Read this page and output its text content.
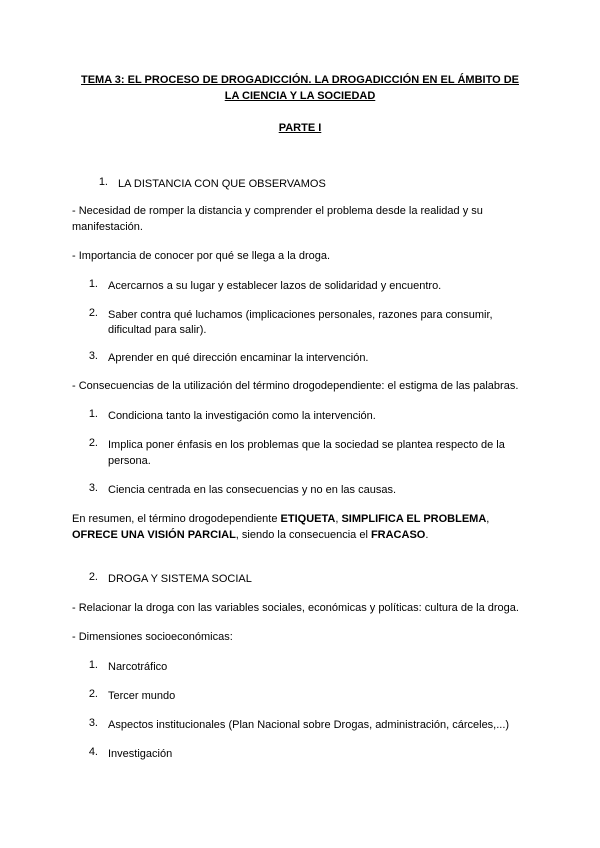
TEMA 3: EL PROCESO DE DROGADICCIÓN. LA DROGADICCIÓN EN EL ÁMBITO DE
LA CIENCIA Y LA SOCIEDAD
PARTE I
1. LA DISTANCIA CON QUE OBSERVAMOS
- Necesidad de romper la distancia y comprender el problema desde la realidad y su
manifestación.
- Importancia de conocer por qué se llega a la droga.
1. Acercarnos a su lugar y establecer lazos de solidaridad y encuentro.
2. Saber contra qué luchamos (implicaciones personales, razones para consumir,
dificultad para salir).
3. Aprender en qué dirección encaminar la intervención.
- Consecuencias de la utilización del término drogodependiente: el estigma de las palabras.
1. Condiciona tanto la investigación como la intervención.
2. Implica poner énfasis en los problemas que la sociedad se plantea respecto de la
persona.
3. Ciencia centrada en las consecuencias y no en las causas.
En resumen, el término drogodependiente ETIQUETA, SIMPLIFICA EL PROBLEMA,
OFRECE UNA VISIÓN PARCIAL, siendo la consecuencia el FRACASO.
2. DROGA Y SISTEMA SOCIAL
- Relacionar la droga con las variables sociales, económicas y políticas: cultura de la droga.
- Dimensiones socioeconómicas:
1. Narcotráfico
2. Tercer mundo
3. Aspectos institucionales (Plan Nacional sobre Drogas, administración, cárceles,...)
4. Investigación
